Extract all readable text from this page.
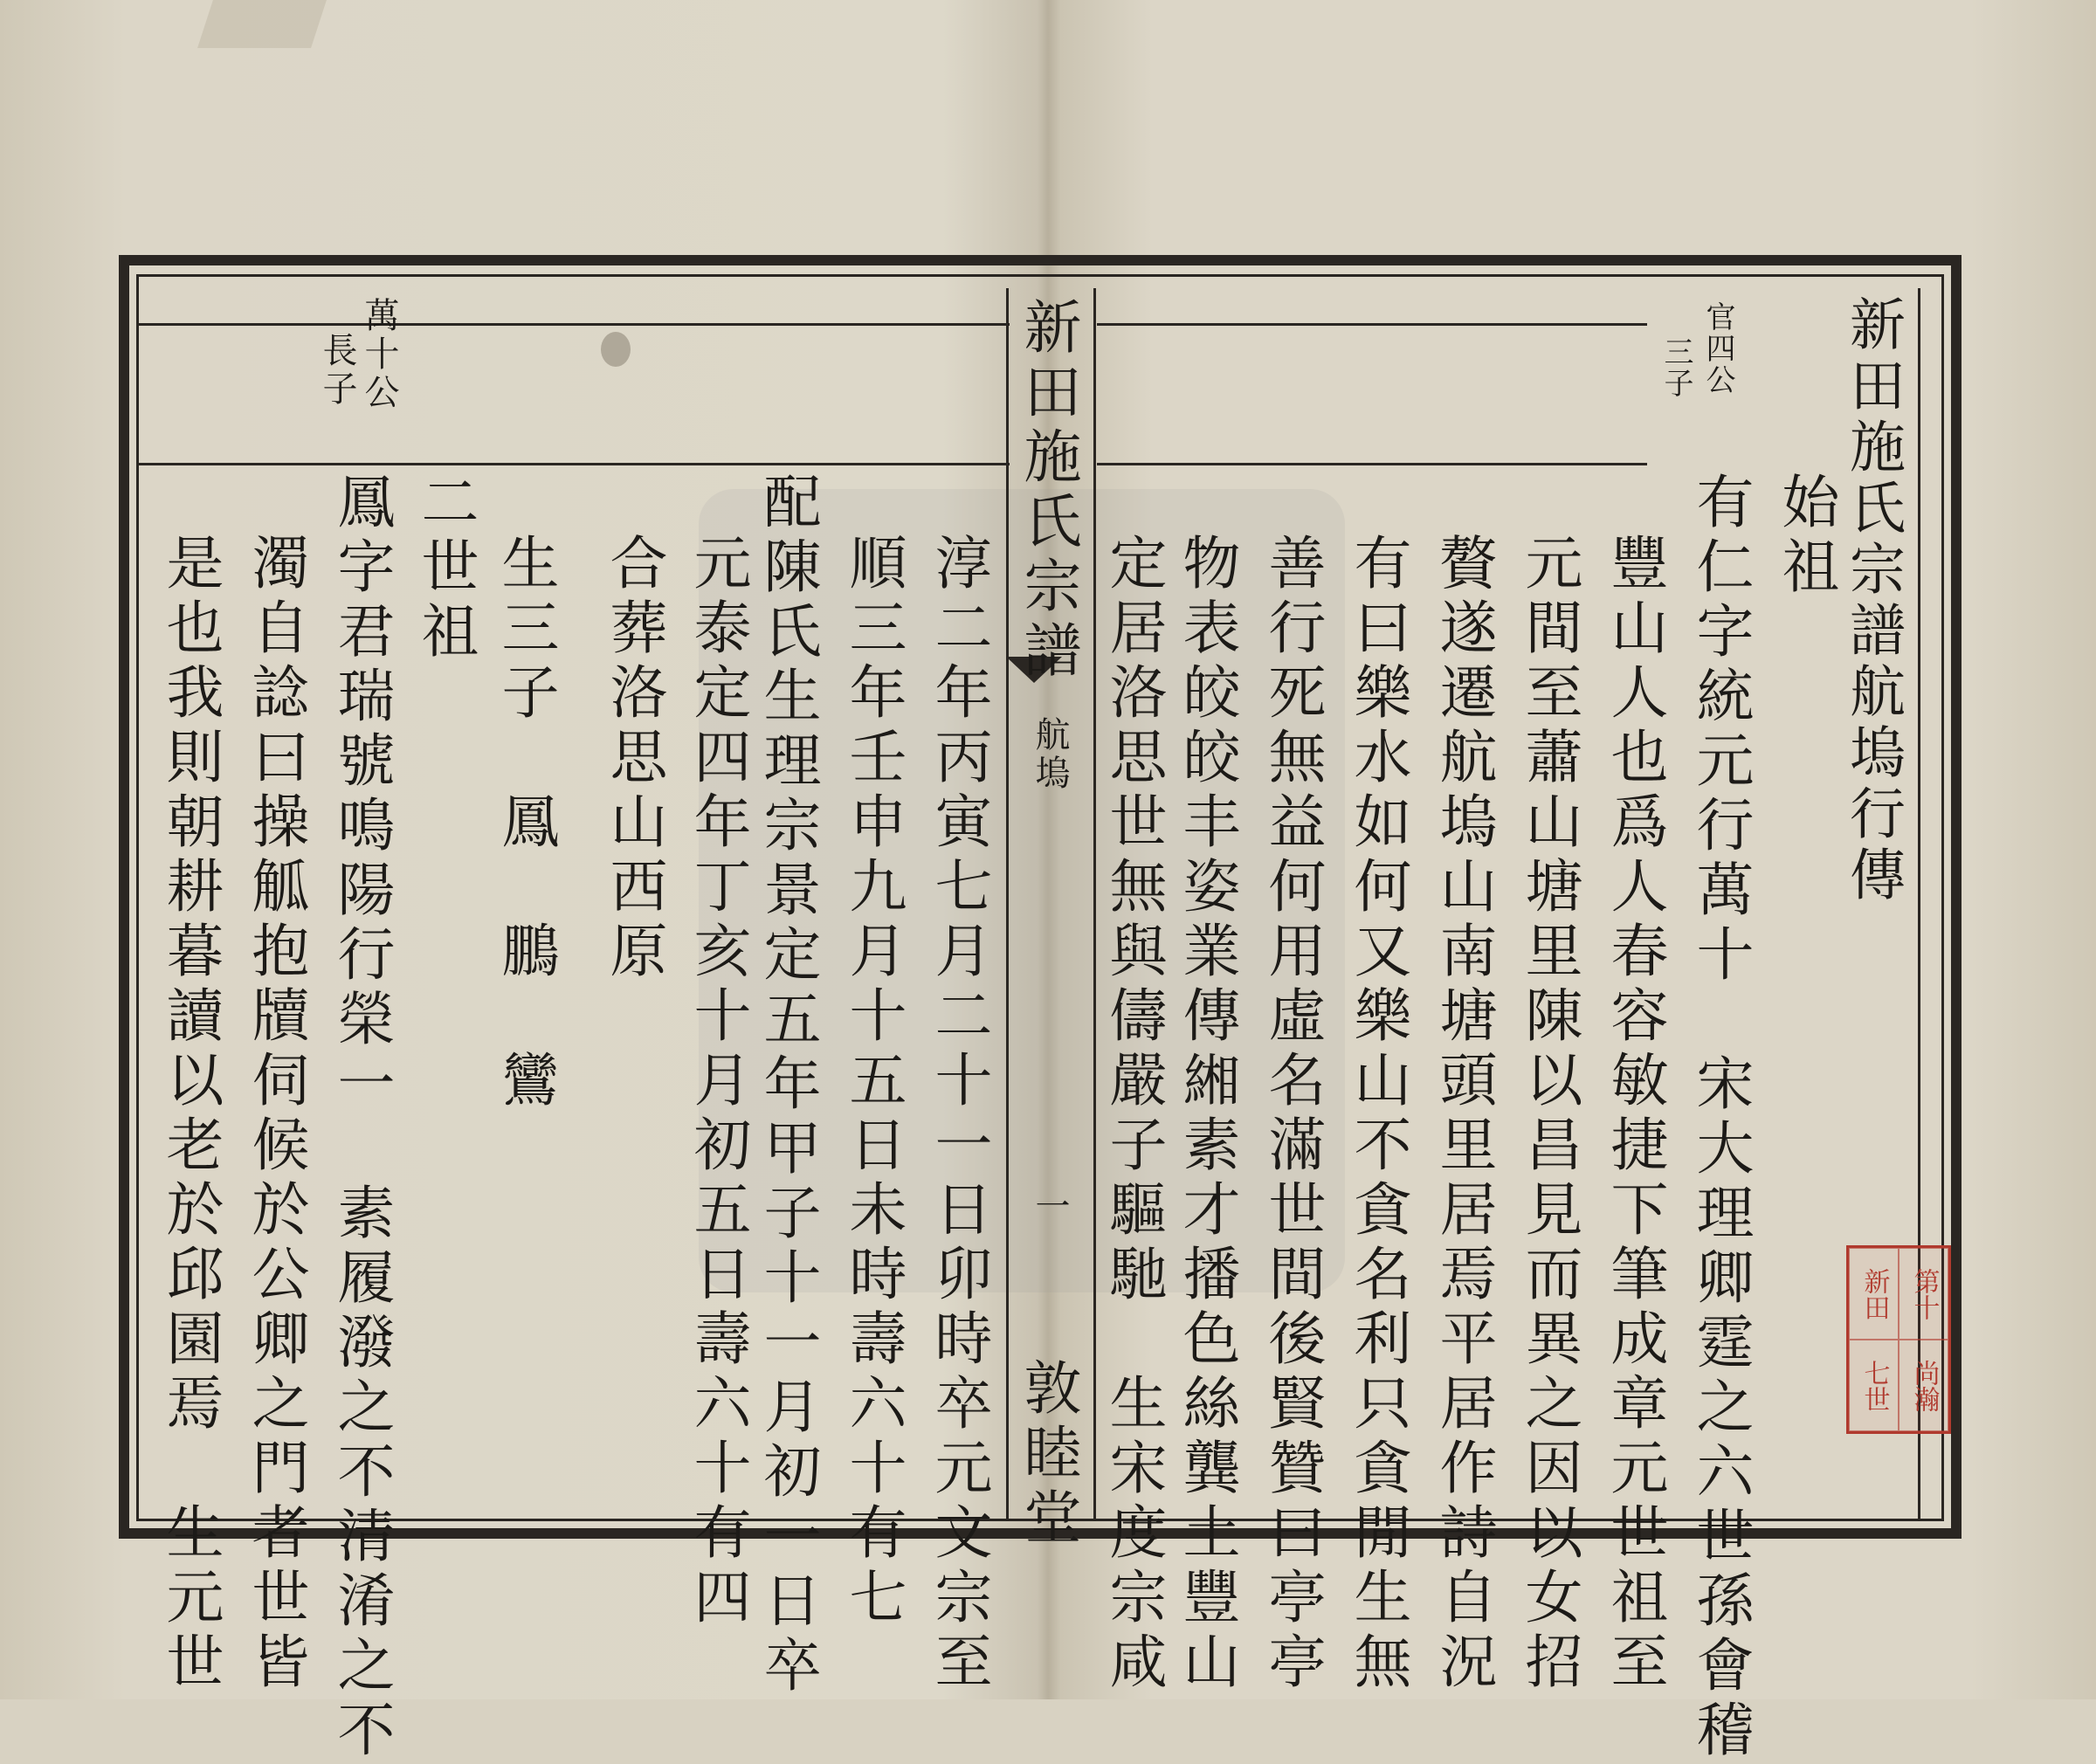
新田施氏宗譜航塢行傳
官四公
三子
新田施氏宗譜
航塢
一
敦睦堂
萬十公
長子
始祖
有仁字統元行萬十　宋大理卿霆之六世孫會稽
豐山人也爲人春容敏捷下筆成章元世祖至
元間至蕭山塘里陳以昌見而異之因以女招
贅遂遷航塢山南塘頭里居焉平居作詩自況
有曰樂水如何又樂山不貪名利只貪閒生無
善行死無益何用虛名滿世間後賢贊曰亭亭
物表皎皎丰姿業傳緗素才播色絲龔土豐山
定居洛思世無與儔嚴子驅馳　生宋度宗咸
淳二年丙寅七月二十一日卯時卒元文宗至
順三年壬申九月十五日未時壽六十有七
配陳氏生理宗景定五年甲子十一月初一日卒
元泰定四年丁亥十月初五日壽六十有四
合葬洛思山西原
生三子　鳳　鵬　鸞
二世祖
鳳字君瑞號鳴陽行榮一　素履潑之不清淆之不
濁自諗曰操觚抱牘伺候於公卿之門者世皆
是也我則朝耕暮讀以老於邱園焉　生元世	新田 第十
七世 尚瀚
